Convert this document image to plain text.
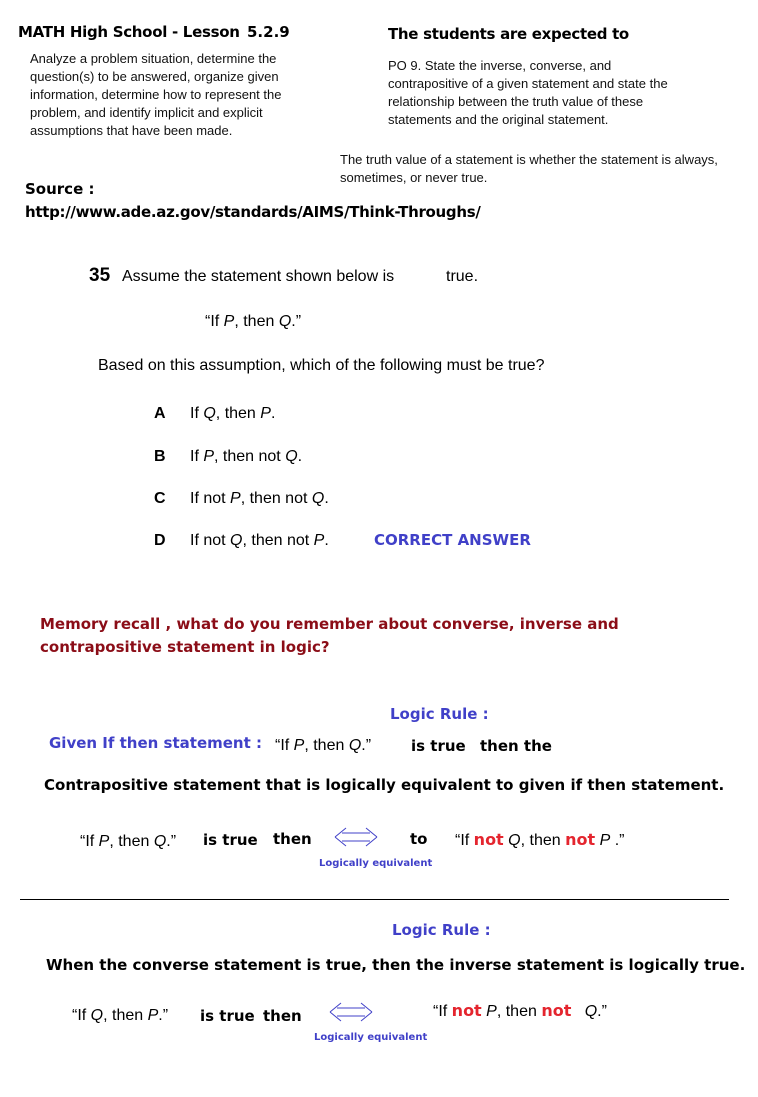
MATH High School - Lesson 5.2.9
Analyze a problem situation, determine the question(s) to be answered, organize given information, determine how to represent the problem, and identify implicit and explicit assumptions that have been made.
The students are expected to
PO 9. State the inverse, converse, and contrapositive of a given statement and state the relationship between the truth value of these statements and the original statement.
The truth value of a statement is whether the statement is always, sometimes, or never true.
Source :
http://www.ade.az.gov/standards/AIMS/Think-Throughs/
35 Assume the statement shown below is	true.
“If P, then Q.”
Based on this assumption, which of the following must be true?
A If Q, then P.
B If P, then not Q.
C If not P, then not Q.
D If not Q, then not P.	CORRECT ANSWER
Memory recall , what do you remember about converse, inverse and contrapositive statement in logic?
Logic Rule :
Given If then statement : “If P, then Q.”	is true then the
Contrapositive statement that is logically equivalent to given if then statement.
“If P, then Q.” is true then
Logically equivalent
to “If not Q, then not P .”
Logic Rule :
When the converse statement is true, then the inverse statement is logically true.
“If Q, then P.” is true then
Logically equivalent
“If not P, then not Q.”
